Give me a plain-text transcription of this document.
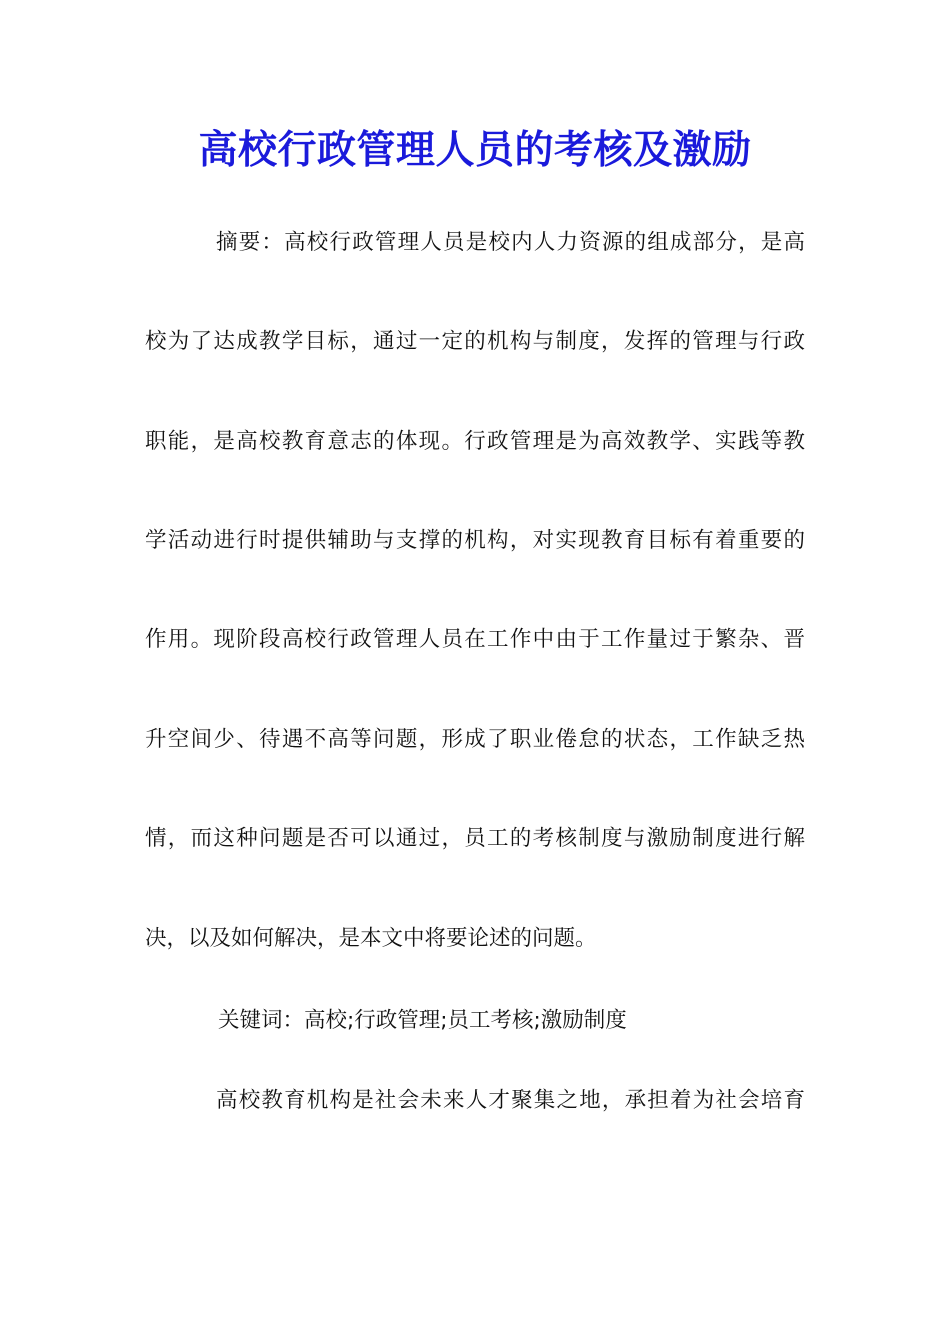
高校行政管理人员的考核及激励
摘要：高校行政管理人员是校内人力资源的组成部分，是高
校为了达成教学目标，通过一定的机构与制度，发挥的管理与行政
职能，是高校教育意志的体现。行政管理是为高效教学、实践等教
学活动进行时提供辅助与支撑的机构，对实现教育目标有着重要的
作用。现阶段高校行政管理人员在工作中由于工作量过于繁杂、晋
升空间少、待遇不高等问题，形成了职业倦怠的状态，工作缺乏热
情，而这种问题是否可以通过，员工的考核制度与激励制度进行解
决，以及如何解决，是本文中将要论述的问题。
关键词：高校;行政管理;员工考核;激励制度
高校教育机构是社会未来人才聚集之地，承担着为社会培育
